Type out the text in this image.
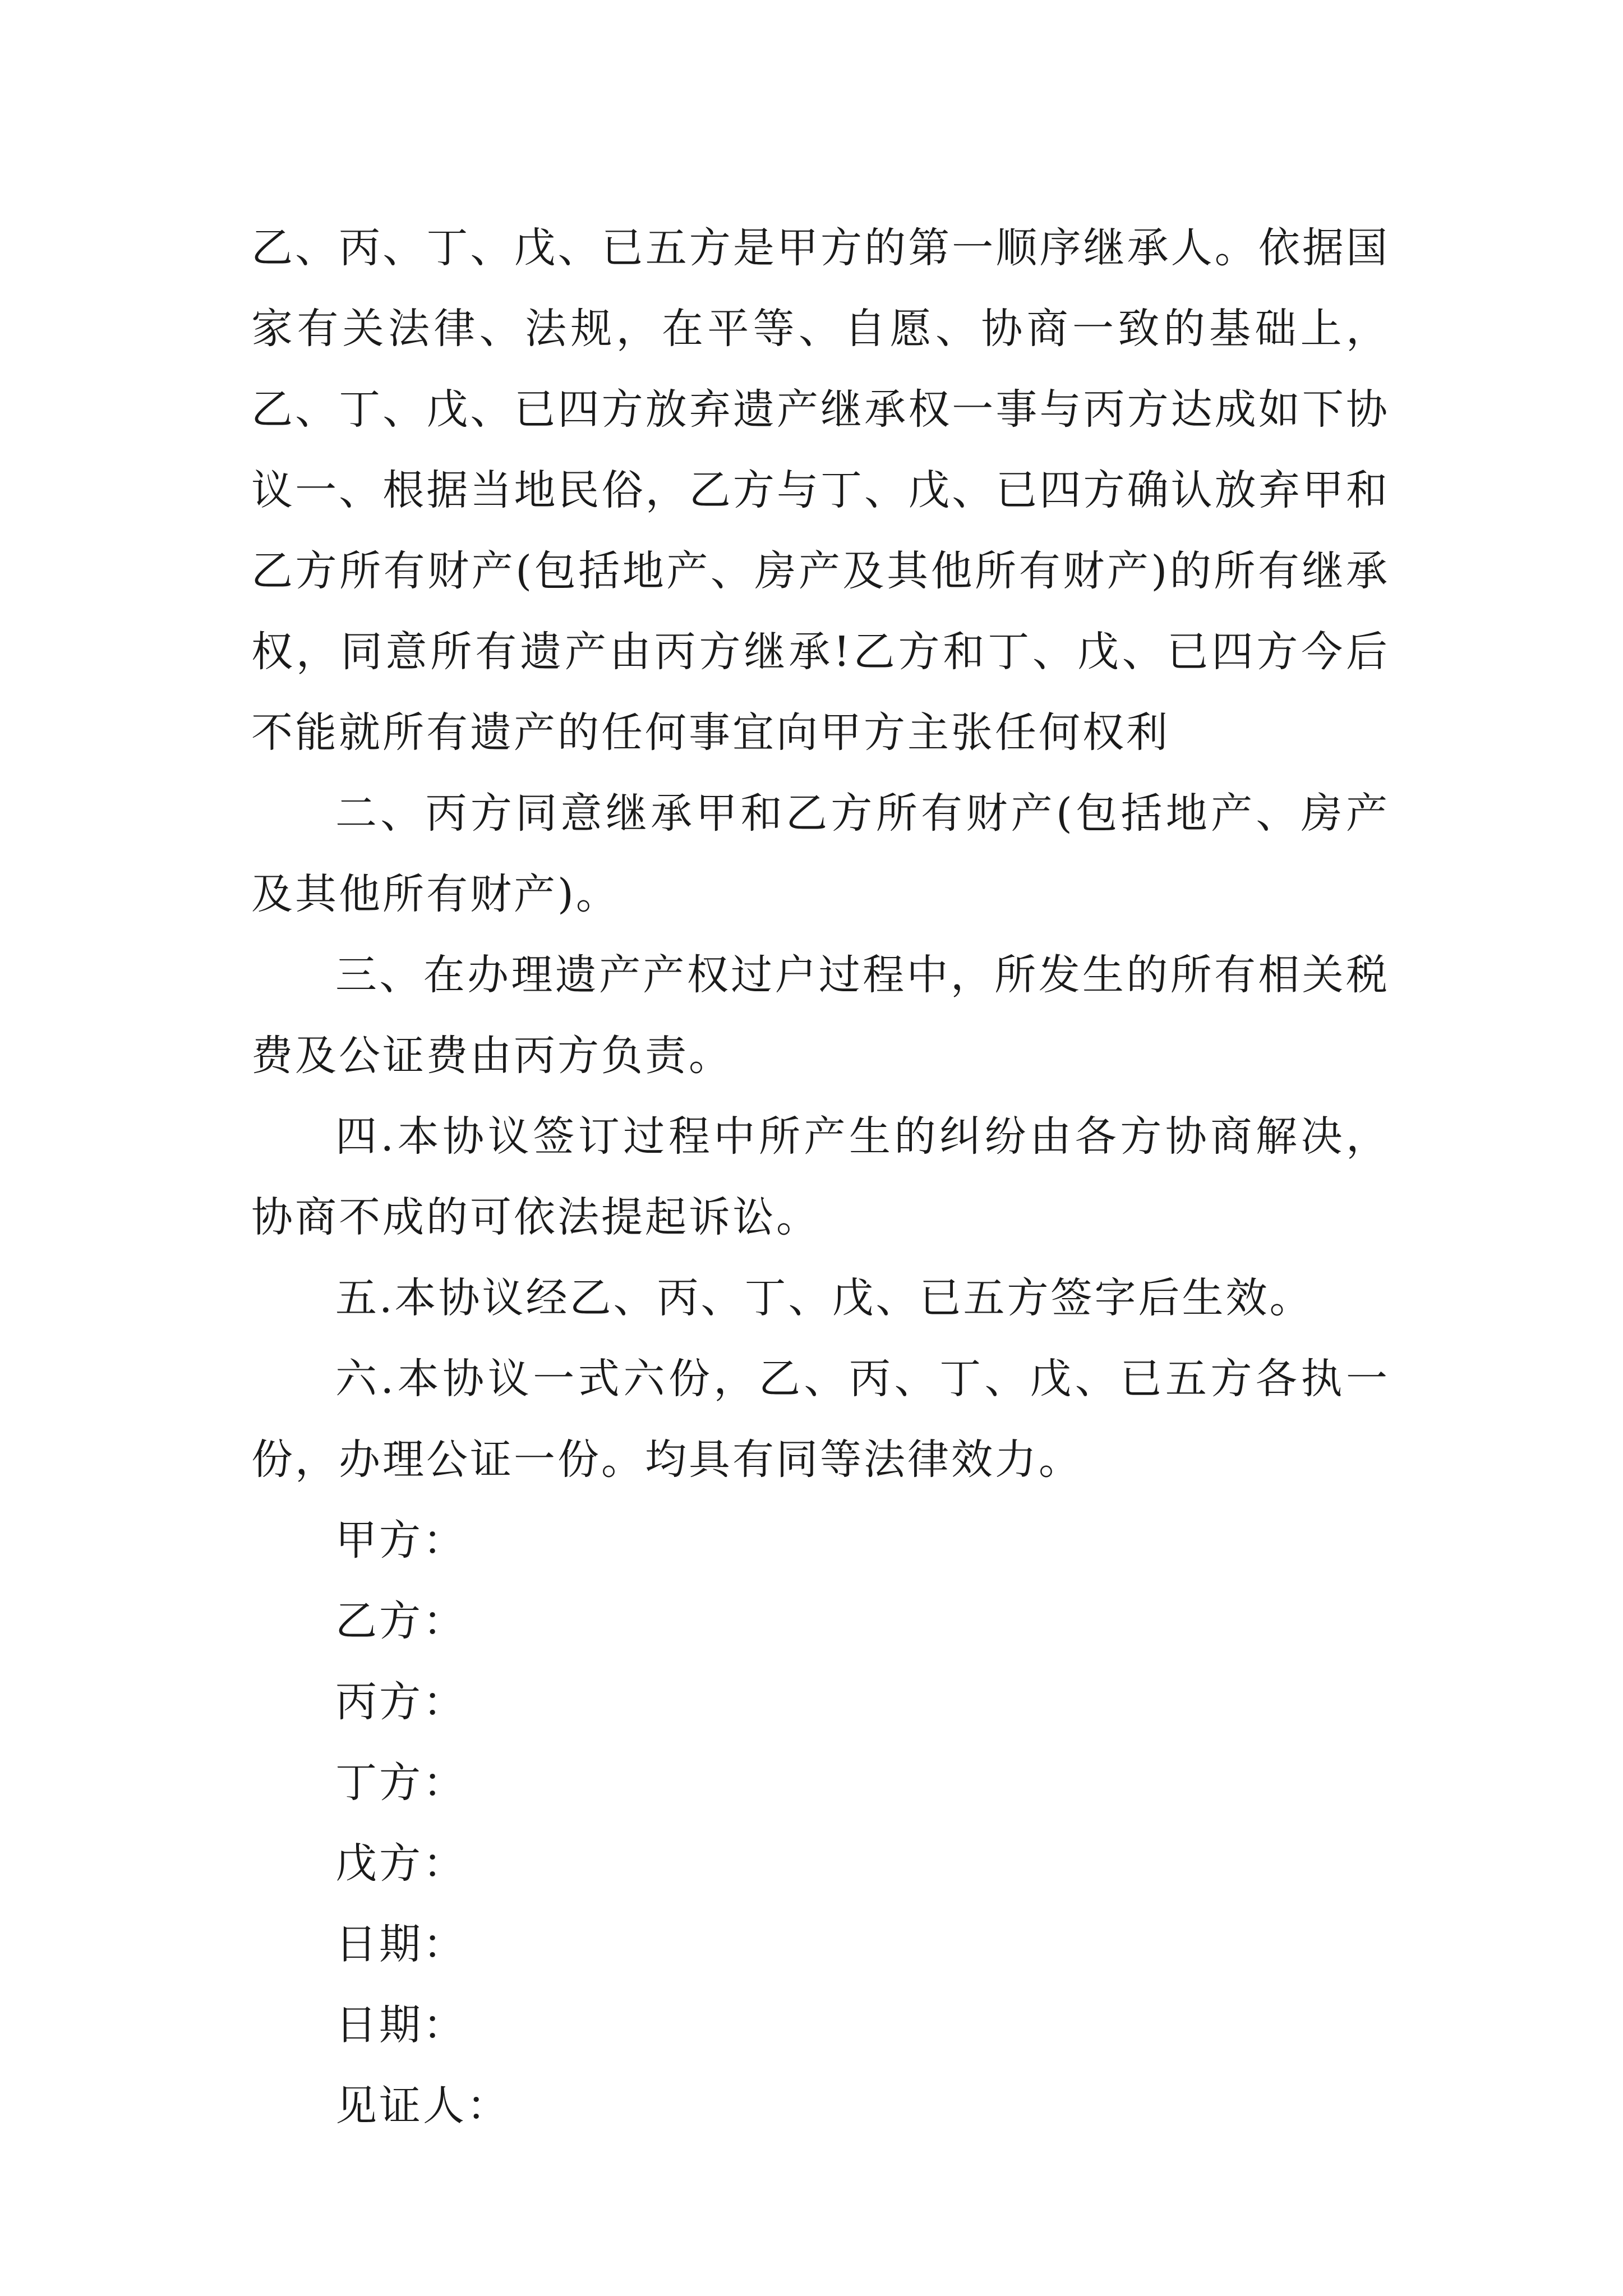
乙、丙、丁、戊、已五方是甲方的第一顺序继承人。依据国家有关法律、法规，在平等、自愿、协商一致的基础上，乙、丁、戊、已四方放弃遗产继承权一事与丙方达成如下协议一、根据当地民俗，乙方与丁、戊、已四方确认放弃甲和乙方所有财产(包括地产、房产及其他所有财产)的所有继承权，同意所有遗产由丙方继承!乙方和丁、戊、已四方今后不能就所有遗产的任何事宜向甲方主张任何权利

二、丙方同意继承甲和乙方所有财产(包括地产、房产及其他所有财产)。

三、在办理遗产产权过户过程中，所发生的所有相关税费及公证费由丙方负责。

四.本协议签订过程中所产生的纠纷由各方协商解决，协商不成的可依法提起诉讼。

五.本协议经乙、丙、丁、戊、已五方签字后生效。

六.本协议一式六份，乙、丙、丁、戊、已五方各执一份，办理公证一份。均具有同等法律效力。

甲方：

乙方：

丙方：

丁方：

戊方：

日期：

日期：

见证人：
